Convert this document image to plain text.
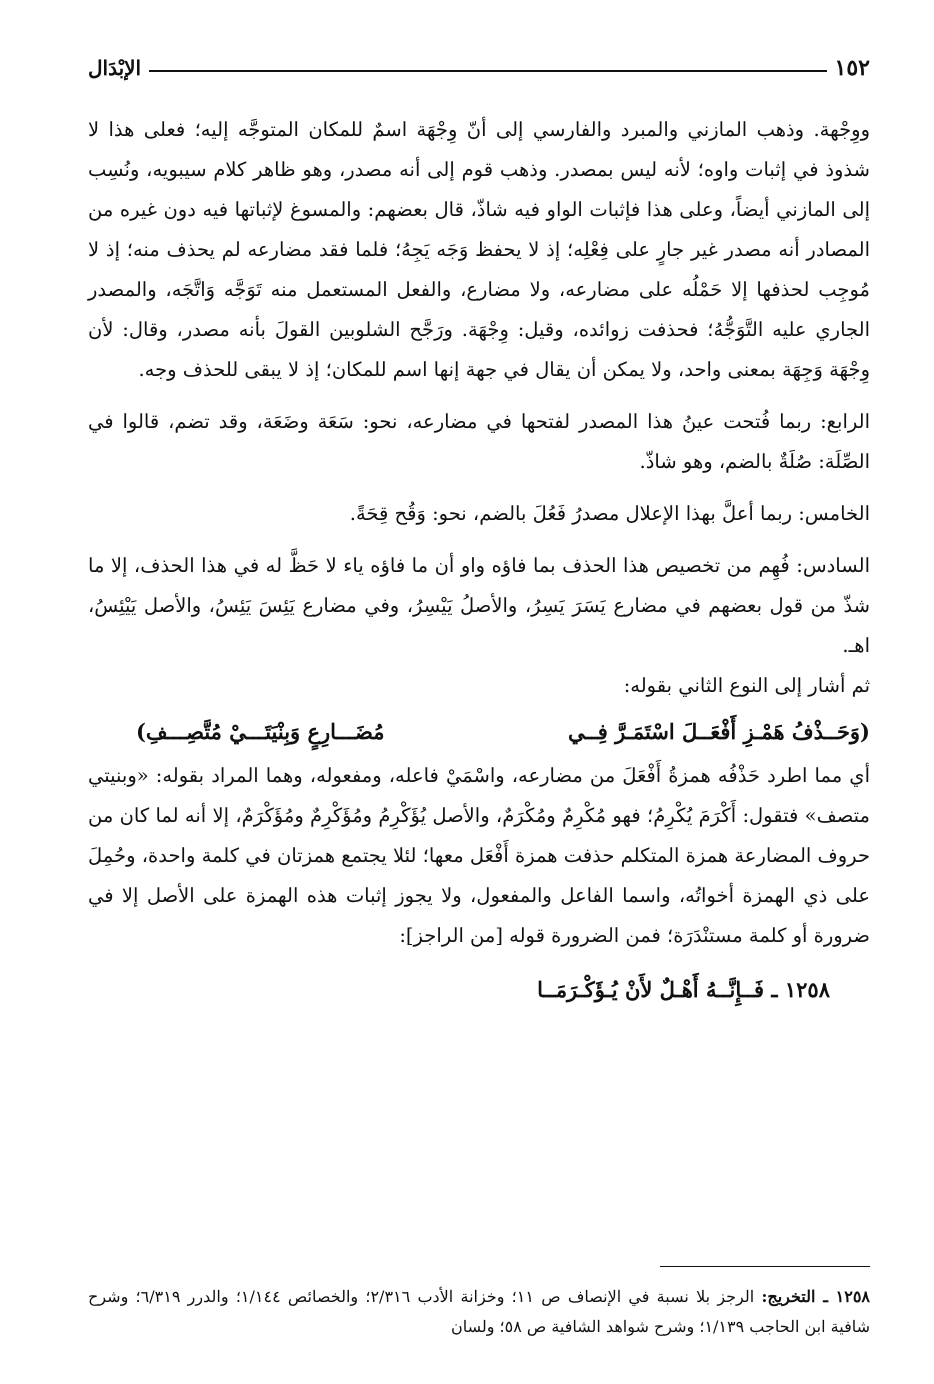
١٥٢
الإبْدَال

ووِجْهة. وذهب المازني والمبرد والفارسي إلى أنّ وِجْهَة اسمٌ للمكان المتوجَّه إليه؛ فعلى هذا لا شذوذ في إثبات واوه؛ لأنه ليس بمصدر. وذهب قوم إلى أنه مصدر، وهو ظاهر كلام سيبويه، ونُسِب إلى المازني أيضاً، وعلى هذا فإثبات الواو فيه شاذّ، قال بعضهم: والمسوغ لإثباتها فيه دون غيره من المصادر أنه مصدر غير جارٍ على فِعْلِه؛ إذ لا يحفظ وَجَه يَجِهُ؛ فلما فقد مضارعه لم يحذف منه؛ إذ لا مُوجِب لحذفها إلا حَمْلُه على مضارعه، ولا مضارع، والفعل المستعمل منه تَوَجَّه وَاتَّجَه، والمصدر الجاري عليه التَّوَجُّهُ؛ فحذفت زوائده، وقيل: وِجْهَة. ورَجَّح الشلوبين القولَ بأنه مصدر، وقال: لأن وِجْهَة وَجِهَة بمعنى واحد، ولا يمكن أن يقال في جهة إنها اسم للمكان؛ إذ لا يبقى للحذف وجه.

الرابع: ربما فُتحت عينُ هذا المصدر لفتحها في مضارعه، نحو: سَعَة وضَعَة، وقد تضم، قالوا في الصِّلَة: صُلَةٌ بالضم، وهو شاذّ.

الخامس: ربما أعلَّ بهذا الإعلال مصدرُ فَعُلَ بالضم، نحو: وَقُح قِحَةً.

السادس: فُهِم من تخصيص هذا الحذف بما فاؤه واو أن ما فاؤه ياء لا حَظَّ له في هذا الحذف، إلا ما شذّ من قول بعضهم في مضارع يَسَرَ يَسِرُ، والأصلُ يَيْسِرُ، وفي مضارع يَئِسَ يَئِسُ، والأصل يَيْئِسُ، اهـ.

ثم أشار إلى النوع الثاني بقوله:

(وَحَــذْفُ هَمْـزِ أَفْعَــلَ اسْتَمَـرَّ فِــي
مُضَـــارِعٍ وَبِنْيَتَـــيْ مُتَّصِـــفِ)

أي مما اطرد حَذْفُه همزةُ أَفْعَلَ من مضارعه، واسْمَيْ فاعله، ومفعوله، وهما المراد بقوله: «وبنيتي متصف» فتقول: أَكْرَمَ يُكْرِمُ؛ فهو مُكْرِمٌ ومُكْرَمٌ، والأصل يُؤَكْرِمُ ومُؤَكْرِمٌ ومُؤَكْرَمٌ، إلا أنه لما كان من حروف المضارعة همزة المتكلم حذفت همزة أَفْعَل معها؛ لئلا يجتمع همزتان في كلمة واحدة، وحُمِلَ على ذي الهمزة أخواتُه، واسما الفاعل والمفعول، ولا يجوز إثبات هذه الهمزة على الأصل إلا في ضرورة أو كلمة مستنْدَرَة؛ فمن الضرورة قوله [من الراجز]:

١٢٥٨ ـ فَــإِنَّــهُ أَهْـلٌ لأَنْ يُـؤَكْـرَمَــا
١٢٥٨ ـ التخريج: الرجز بلا نسبة في الإنصاف ص ١١؛ وخزانة الأدب ٢/٣١٦؛ والخصائص ١/١٤٤؛ والدرر ٦/٣١٩؛ وشرح شافية ابن الحاجب ١/١٣٩؛ وشرح شواهد الشافية ص ٥٨؛ ولسان
